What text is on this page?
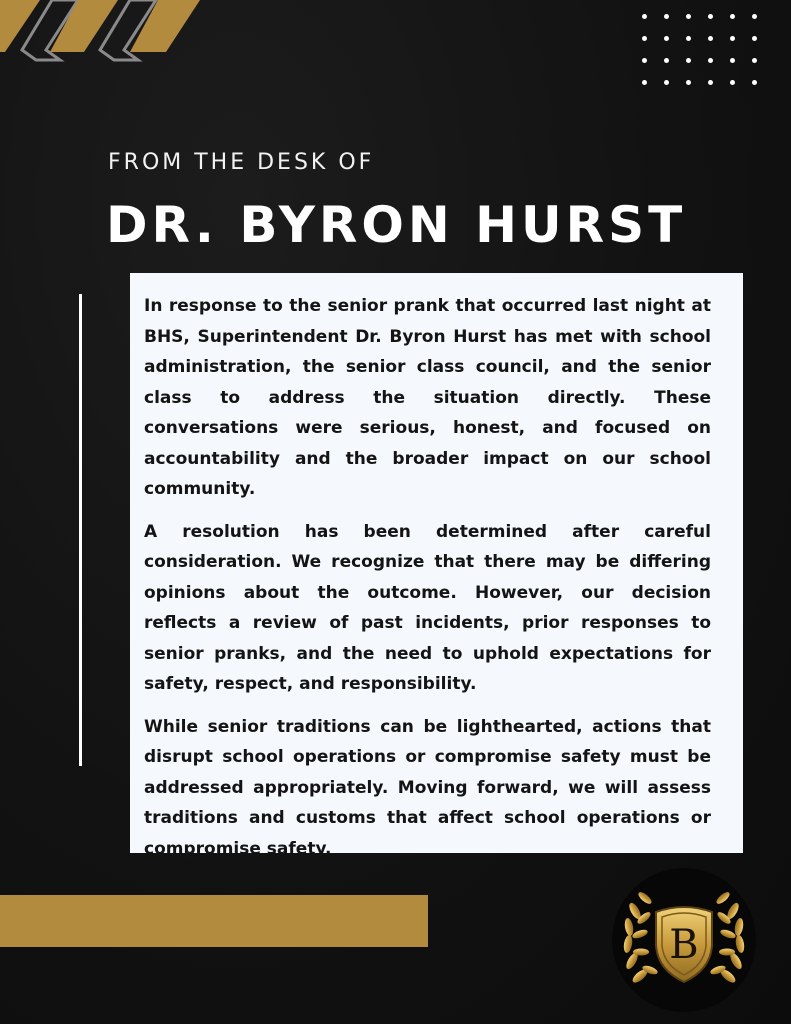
FROM THE DESK OF
DR. BYRON HURST

In response to the senior prank that occurred last night at BHS, Superintendent Dr. Byron Hurst has met with school administration, the senior class council, and the senior class to address the situation directly. These conversations were serious, honest, and focused on accountability and the broader impact on our school community.

A resolution has been determined after careful consideration. We recognize that there may be differing opinions about the outcome. However, our decision reflects a review of past incidents, prior responses to senior pranks, and the need to uphold expectations for safety, respect, and responsibility.

While senior traditions can be lighthearted, actions that disrupt school operations or compromise safety must be addressed appropriately. Moving forward, we will assess traditions and customs that affect school operations or compromise safety.

B
